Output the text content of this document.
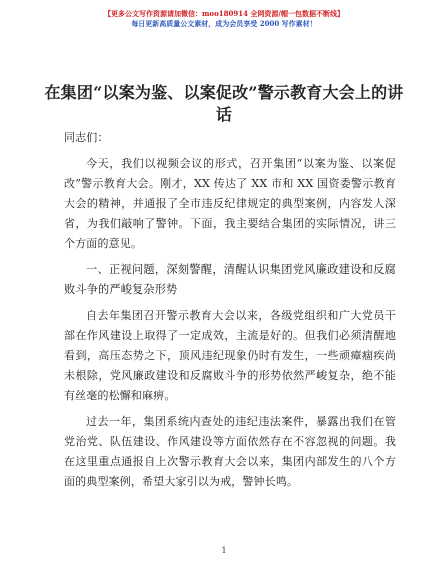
【更多公文写作资源请加微信：moo180914 全网资源/帽一包数据不断线】
每日更新高质量公文素材，成为会员享受 2000 写作素材！
在集团“以案为鉴、以案促改”警示教育大会上的讲话

同志们：

今天，我们以视频会议的形式，召开集团“以案为鉴、以案促改”警示教育大会。刚才，XX 传达了 XX 市和 XX 国资委警示教育大会的精神，并通报了全市违反纪律规定的典型案例，内容发人深省，为我们敲响了警钟。下面，我主要结合集团的实际情况，讲三个方面的意见。

一、正视问题，深刻警醒，清醒认识集团党风廉政建设和反腐败斗争的严峻复杂形势

自去年集团召开警示教育大会以来，各级党组织和广大党员干部在作风建设上取得了一定成效，主流是好的。但我们必须清醒地看到，高压态势之下，顶风违纪现象仍时有发生，一些顽瘴痼疾尚未根除，党风廉政建设和反腐败斗争的形势依然严峻复杂，绝不能有丝毫的松懈和麻痹。

过去一年，集团系统内查处的违纪违法案件，暴露出我们在管党治党、队伍建设、作风建设等方面依然存在不容忽视的问题。我在这里重点通报自上次警示教育大会以来，集团内部发生的八个方面的典型案例，希望大家引以为戒，警钟长鸣。

1
